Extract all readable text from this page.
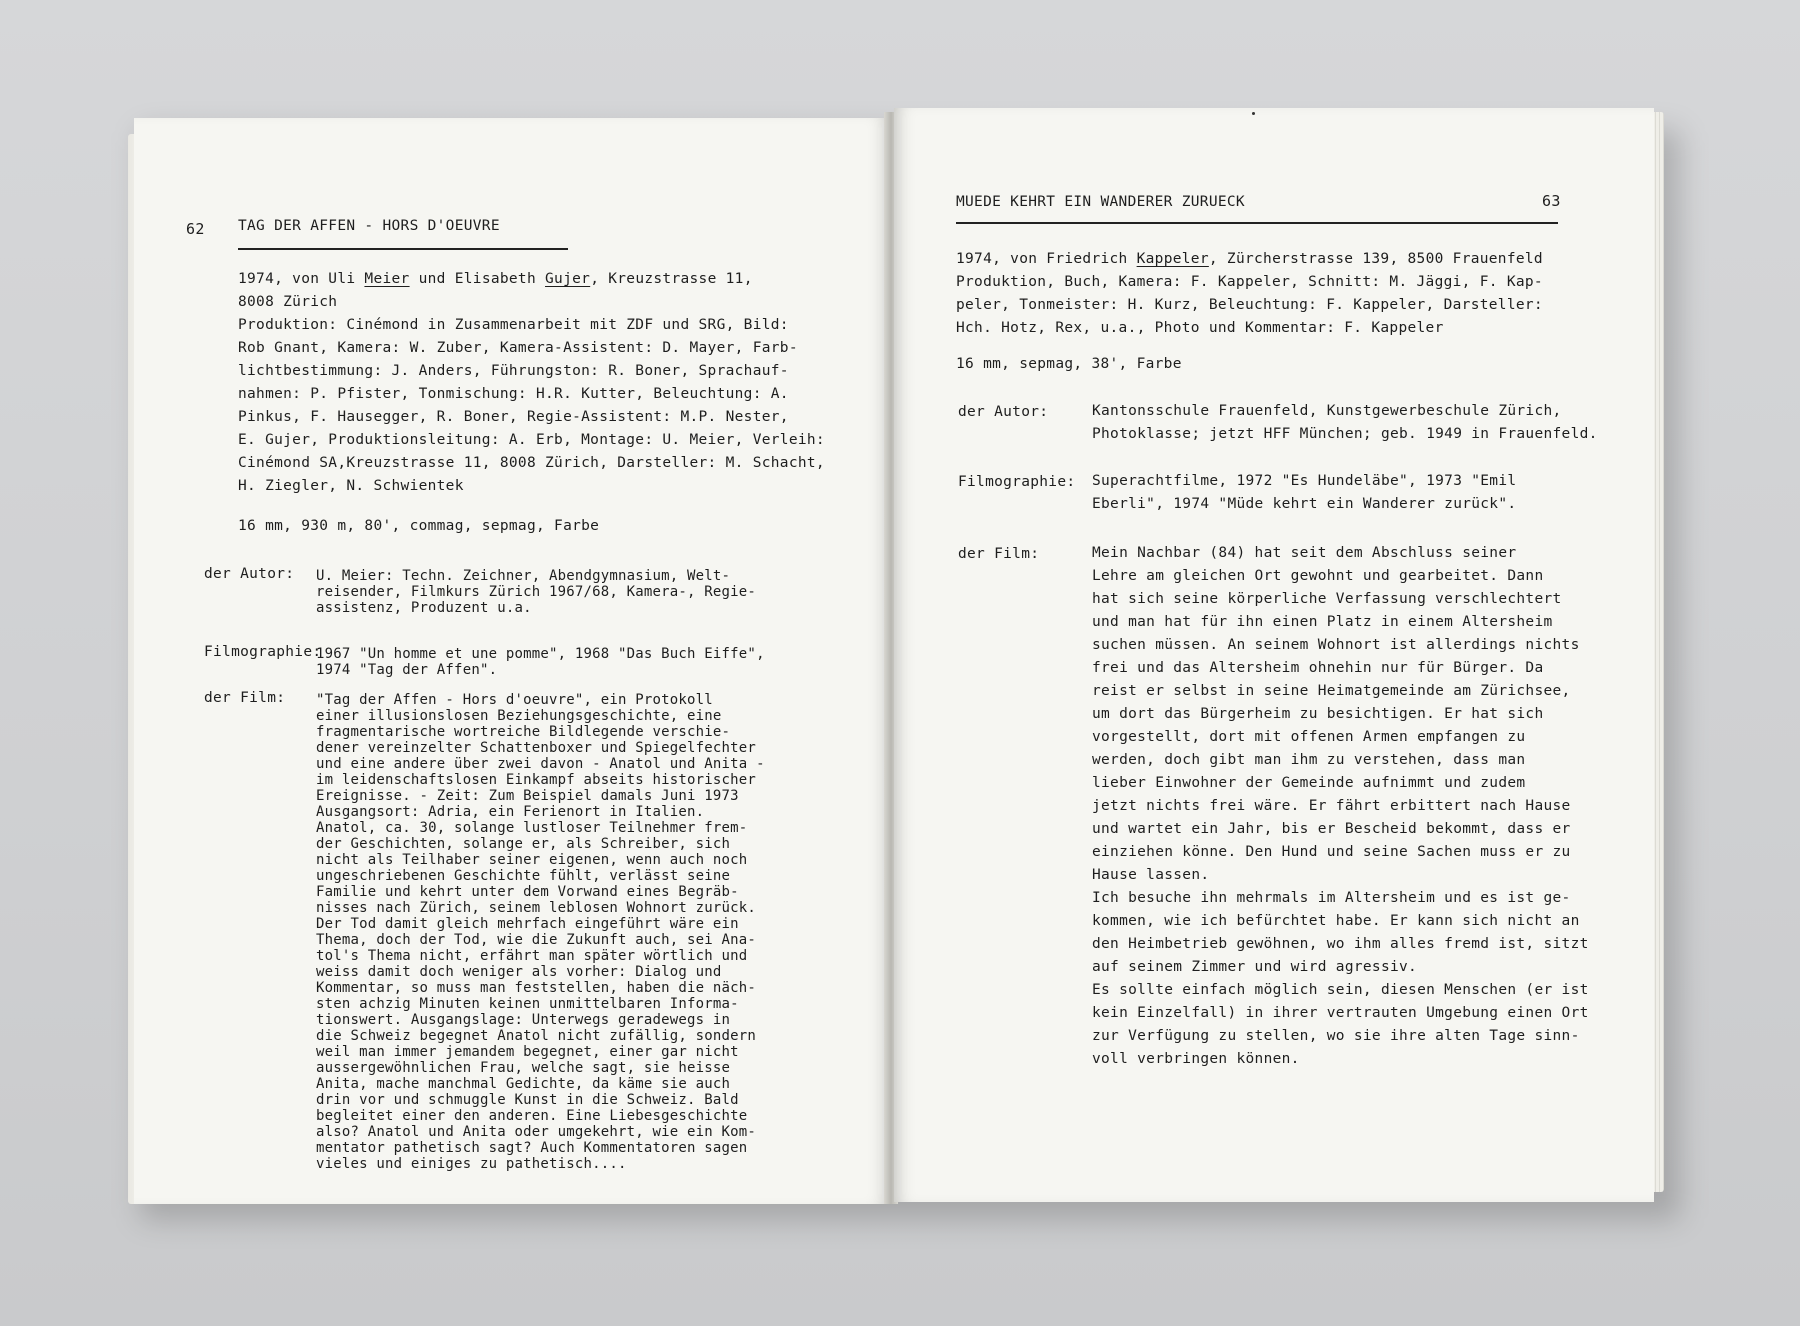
62 TAG DER AFFEN - HORS D'OEUVRE
1974, von Uli Meier und Elisabeth Gujer, Kreuzstrasse 11,
8008 Zürich
Produktion: Cinémond in Zusammenarbeit mit ZDF und SRG, Bild:
Rob Gnant, Kamera: W. Zuber, Kamera-Assistent: D. Mayer, Farb-
lichtbestimmung: J. Anders, Führungston: R. Boner, Sprachauf-
nahmen: P. Pfister, Tonmischung: H.R. Kutter, Beleuchtung: A.
Pinkus, F. Hausegger, R. Boner, Regie-Assistent: M.P. Nester,
E. Gujer, Produktionsleitung: A. Erb, Montage: U. Meier, Verleih:
Cinémond SA,Kreuzstrasse 11, 8008 Zürich, Darsteller: M. Schacht,
H. Ziegler, N. Schwientek
16 mm, 930 m, 80', commag, sepmag, Farbe
der Autor: U. Meier: Techn. Zeichner, Abendgymnasium, Welt-
reisender, Filmkurs Zürich 1967/68, Kamera-, Regie-
assistenz, Produzent u.a.
Filmographie:
1967 "Un homme et une pomme", 1968 "Das Buch Eiffe",
1974 "Tag der Affen".
der Film: "Tag der Affen - Hors d'oeuvre", ein Protokoll
einer illusionslosen Beziehungsgeschichte, eine
fragmentarische wortreiche Bildlegende verschie-
dener vereinzelter Schattenboxer und Spiegelfechter
und eine andere über zwei davon - Anatol und Anita -
im leidenschaftslosen Einkampf abseits historischer
Ereignisse. - Zeit: Zum Beispiel damals Juni 1973
Ausgangsort: Adria, ein Ferienort in Italien.
Anatol, ca. 30, solange lustloser Teilnehmer frem-
der Geschichten, solange er, als Schreiber, sich
nicht als Teilhaber seiner eigenen, wenn auch noch
ungeschriebenen Geschichte fühlt, verlässt seine
Familie und kehrt unter dem Vorwand eines Begräb-
nisses nach Zürich, seinem leblosen Wohnort zurück.
Der Tod damit gleich mehrfach eingeführt wäre ein
Thema, doch der Tod, wie die Zukunft auch, sei Ana-
tol's Thema nicht, erfährt man später wörtlich und
weiss damit doch weniger als vorher: Dialog und
Kommentar, so muss man feststellen, haben die näch-
sten achzig Minuten keinen unmittelbaren Informa-
tionswert. Ausgangslage: Unterwegs geradewegs in
die Schweiz begegnet Anatol nicht zufällig, sondern
weil man immer jemandem begegnet, einer gar nicht
aussergewöhnlichen Frau, welche sagt, sie heisse
Anita, mache manchmal Gedichte, da käme sie auch
drin vor und schmuggle Kunst in die Schweiz. Bald
begleitet einer den anderen. Eine Liebesgeschichte
also? Anatol und Anita oder umgekehrt, wie ein Kom-
mentator pathetisch sagt? Auch Kommentatoren sagen
vieles und einiges zu pathetisch....
MUEDE KEHRT EIN WANDERER ZURUECK	63
1974, von Friedrich Kappeler, Zürcherstrasse 139, 8500 Frauenfeld
Produktion, Buch, Kamera: F. Kappeler, Schnitt: M. Jäggi, F. Kap-
peler, Tonmeister: H. Kurz, Beleuchtung: F. Kappeler, Darsteller:
Hch. Hotz, Rex, u.a., Photo und Kommentar: F. Kappeler
16 mm, sepmag, 38', Farbe
der Autor:	Kantonsschule Frauenfeld, Kunstgewerbeschule Zürich,
Photoklasse; jetzt HFF München; geb. 1949 in Frauenfeld.
Filmographie: Superachtfilme, 1972 "Es Hundeläbe", 1973 "Emil
Eberli", 1974 "Müde kehrt ein Wanderer zurück".
der Film:	Mein Nachbar (84) hat seit dem Abschluss seiner
Lehre am gleichen Ort gewohnt und gearbeitet. Dann
hat sich seine körperliche Verfassung verschlechtert
und man hat für ihn einen Platz in einem Altersheim
suchen müssen. An seinem Wohnort ist allerdings nichts
frei und das Altersheim ohnehin nur für Bürger. Da
reist er selbst in seine Heimatgemeinde am Zürichsee,
um dort das Bürgerheim zu besichtigen. Er hat sich
vorgestellt, dort mit offenen Armen empfangen zu
werden, doch gibt man ihm zu verstehen, dass man
lieber Einwohner der Gemeinde aufnimmt und zudem
jetzt nichts frei wäre. Er fährt erbittert nach Hause
und wartet ein Jahr, bis er Bescheid bekommt, dass er
einziehen könne. Den Hund und seine Sachen muss er zu
Hause lassen.
Ich besuche ihn mehrmals im Altersheim und es ist ge-
kommen, wie ich befürchtet habe. Er kann sich nicht an
den Heimbetrieb gewöhnen, wo ihm alles fremd ist, sitzt
auf seinem Zimmer und wird agressiv.
Es sollte einfach möglich sein, diesen Menschen (er ist
kein Einzelfall) in ihrer vertrauten Umgebung einen Ort
zur Verfügung zu stellen, wo sie ihre alten Tage sinn-
voll verbringen können.
